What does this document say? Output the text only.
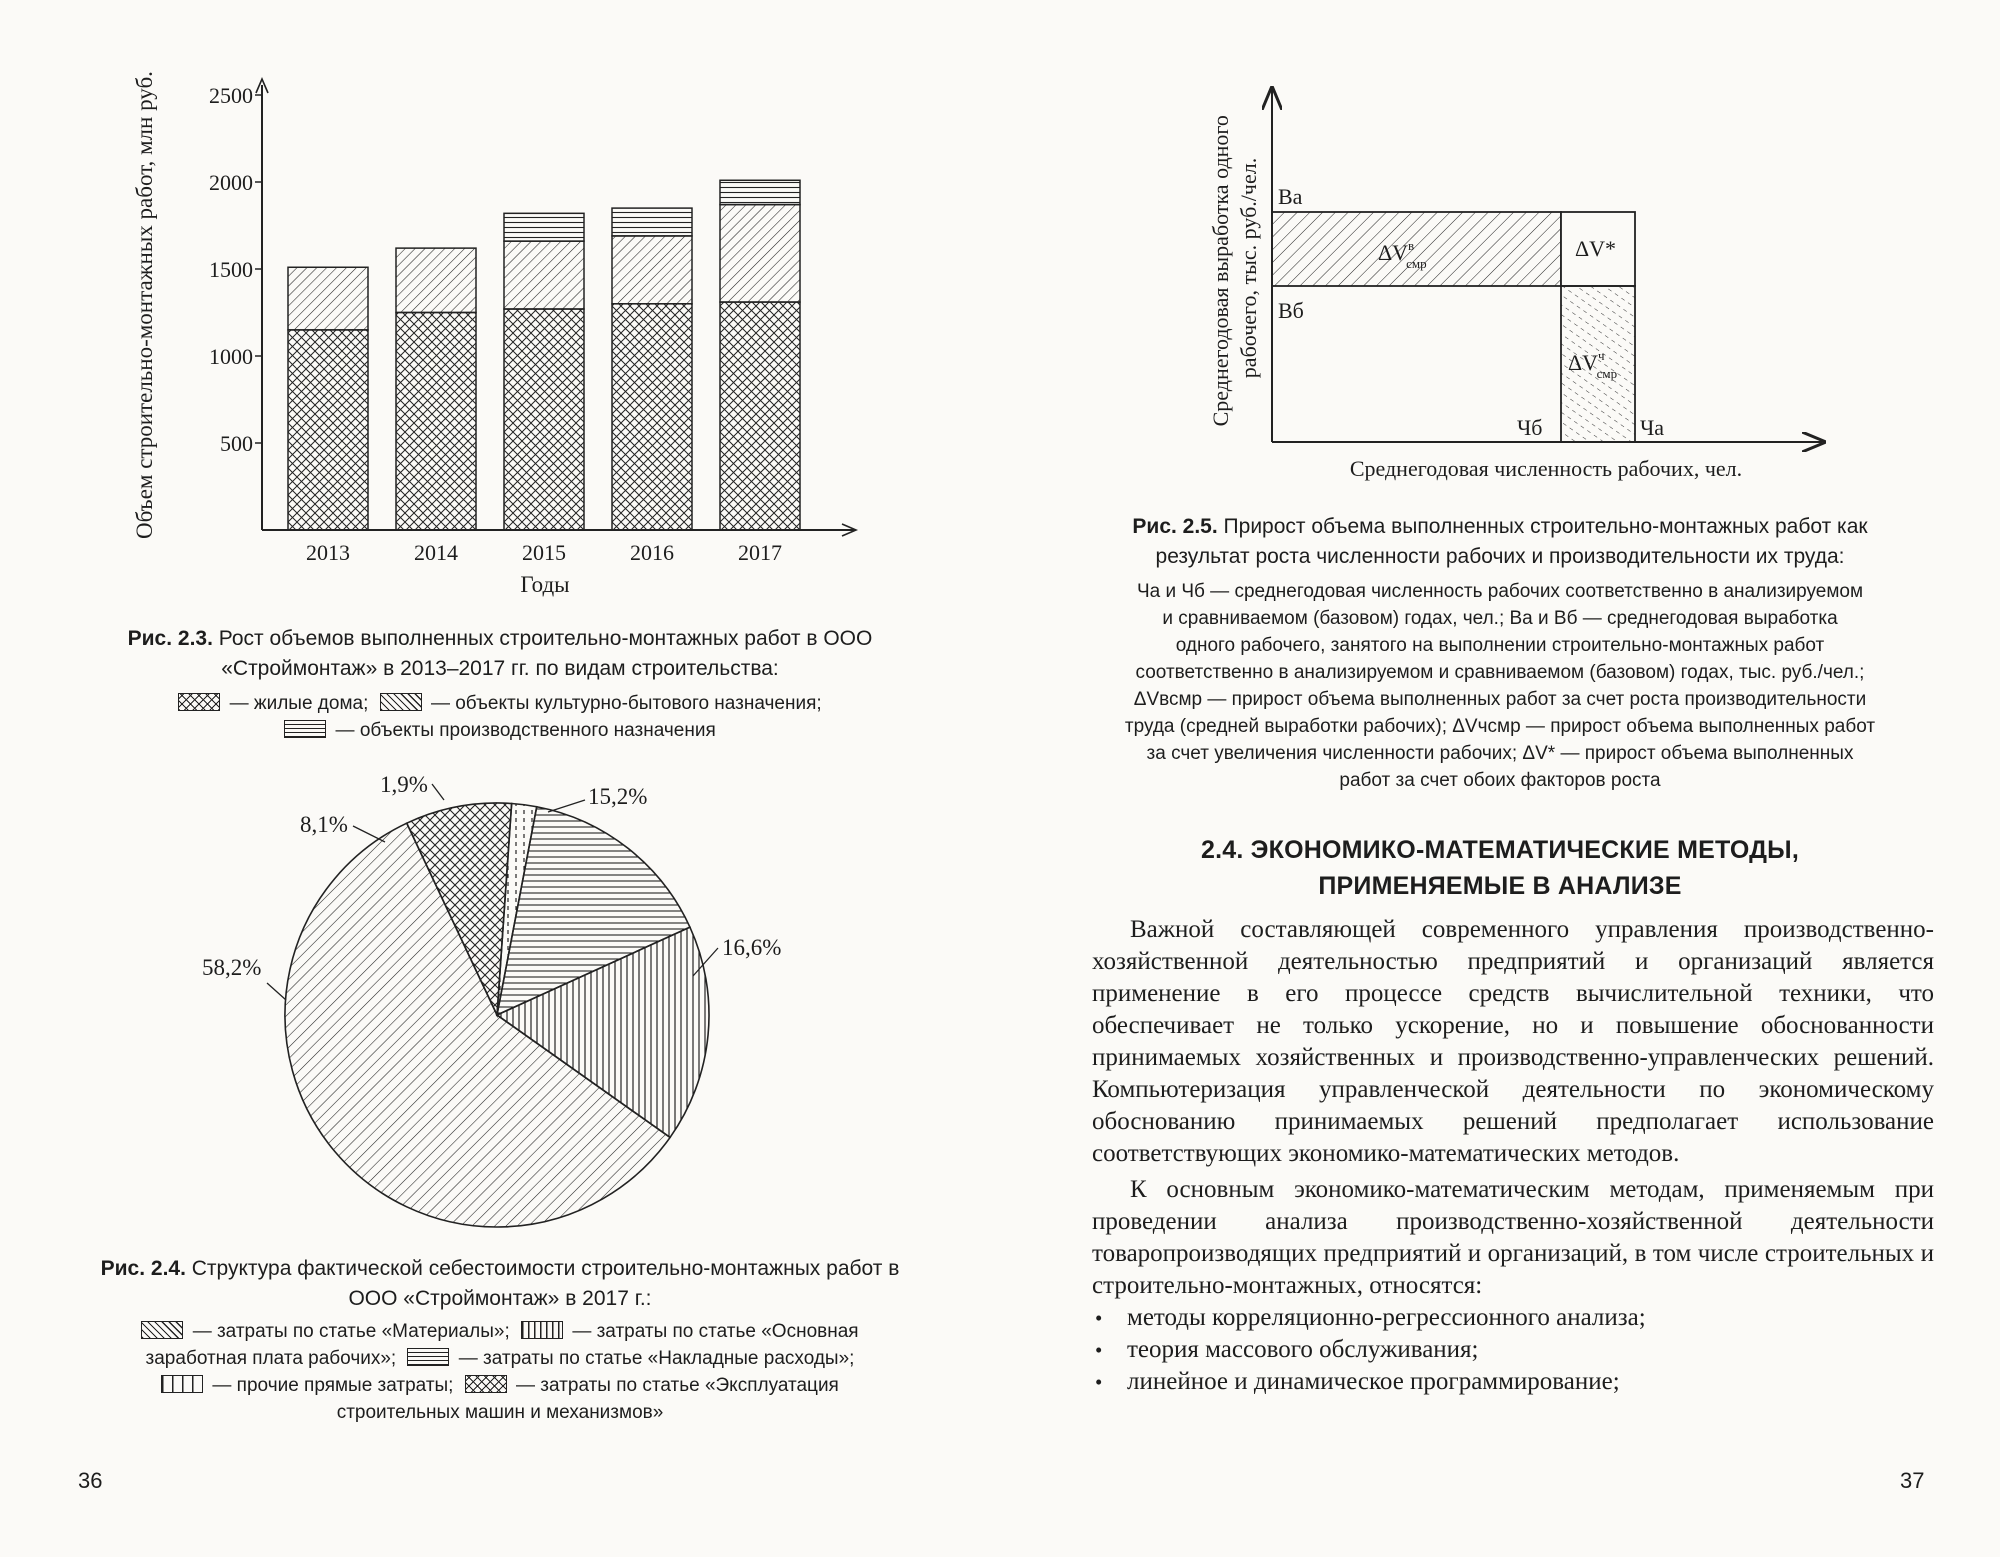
500
1000
1500
2000
2500
2013	2014	2015	2016	2017
Годы
Объем строительно-монтажных работ, млн руб.
Рис. 2.3. Рост объемов выполненных строительно-монтажных работ в ООО «Строймонтаж» в 2013–2017 гг. по видам строительства:
— жилые дома;	— объекты культурно-бытового назначения;
— объекты производственного назначения
15,2%
16,6%
58,2%
8,1%
1,9%
Рис. 2.4. Структура фактической себестоимости строительно-монтажных работ в ООО «Строймонтаж» в 2017 г.:
— затраты по статье «Материалы»;	— затраты по статье «Основная
заработная плата рабочих»;	— затраты по статье «Накладные расходы»;
— прочие прямые затраты;	— затраты по статье «Эксплуатация
строительных машин и механизмов»
36
Ва
Вб
Чб	Ча
$\Delta V^в$ смр
ΔV*
$\Delta V^ч$ смр
Среднегодовая выработка одного рабочего, тыс. руб./чел.
Среднегодовая численность рабочих, чел.
Рис. 2.5. Прирост объема выполненных строительно-монтажных работ как результат роста численности рабочих и производительности их труда:
Ча и Чб — среднегодовая численность рабочих соответственно в анализируемом
и сравниваемом (базовом) годах, чел.; Ва и Вб — среднегодовая выработка
одного рабочего, занятого на выполнении строительно-монтажных работ
соответственно в анализируемом и сравниваемом (базовом) годах, тыс. руб./чел.;
ΔVвсмр — прирост объема выполненных работ за счет роста производительности
труда (средней выработки рабочих); ΔVчсмр — прирост объема выполненных работ
за счет увеличения численности рабочих; ΔV* — прирост объема выполненных
работ за счет обоих факторов роста
2.4. ЭКОНОМИКО-МАТЕМАТИЧЕСКИЕ МЕТОДЫ,
ПРИМЕНЯЕМЫЕ В АНАЛИЗЕ

Важной составляющей современного управления производственно-хозяйственной деятельностью предприятий и организаций является применение в его процессе средств вычислительной техники, что обеспечивает не только ускорение, но и повышение обоснованности принимаемых хозяйственных и производственно-управленческих решений. Компьютеризация управленческой деятельности по экономическому обоснованию принимаемых решений предполагает использование соответствующих экономико-математических методов.

К основным экономико-математическим методам, применяемым при проведении анализа производственно-хозяйственной деятельности товаропроизводящих предприятий и организаций, в том числе строительных и строительно-монтажных, относятся:

• методы корреляционно-регрессионного анализа;
• теория массового обслуживания;
• линейное и динамическое программирование;
37
